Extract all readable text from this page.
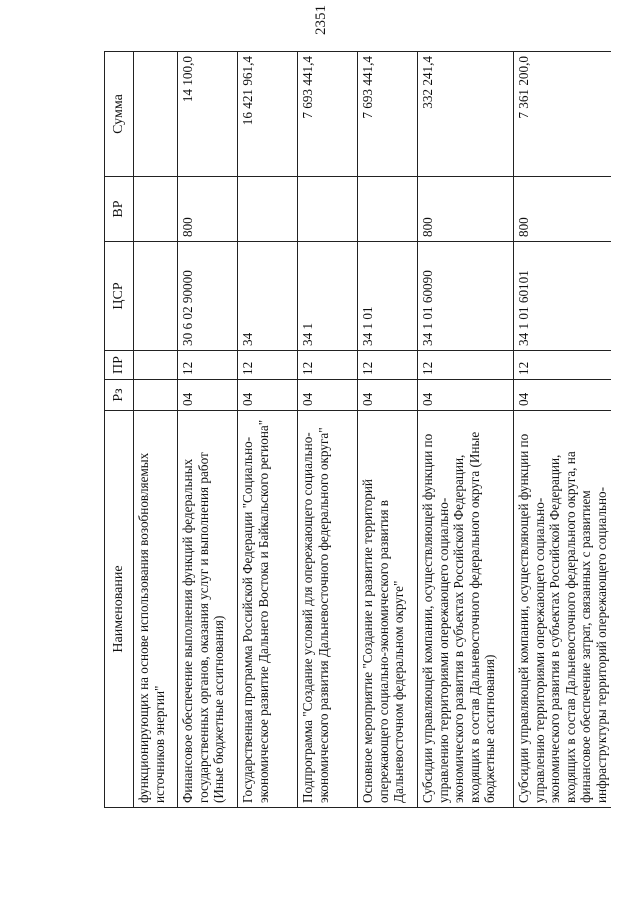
2351
Наименование	Рз	ПР	ЦСР	ВР	Сумма

функционирующих на основе использования возобновляемых источников энергии"					

Финансовое обеспечение выполнения функций федеральных государственных органов, оказания услуг и выполнения работ (Иные бюджетные ассигнования)	04	12	30 6 02 90000	800	14 100,0

Государственная программа Российской Федерации "Социально-экономическое развитие Дальнего Востока и Байкальского региона"	04	12	34		16 421 961,4

Подпрограмма "Создание условий для опережающего социально-экономического развития Дальневосточного федерального округа"	04	12	34 1		7 693 441,4

Основное мероприятие "Создание и развитие территорий опережающего социально-экономического развития в Дальневосточном федеральном округе"	04	12	34 1 01		7 693 441,4

Субсидии управляющей компании, осуществляющей функции по управлению территориями опережающего социально-экономического развития в субъектах Российской Федерации, входящих в состав Дальневосточного федерального округа (Иные бюджетные ассигнования)	04	12	34 1 01 60090	800	332 241,4

Субсидии управляющей компании, осуществляющей функции по управлению территориями опережающего социально-экономического развития в субъектах Российской Федерации, входящих в состав Дальневосточного федерального округа, на финансовое обеспечение затрат, связанных с развитием инфраструктуры территорий опережающего социально-	04	12	34 1 01 60101	800	7 361 200,0
